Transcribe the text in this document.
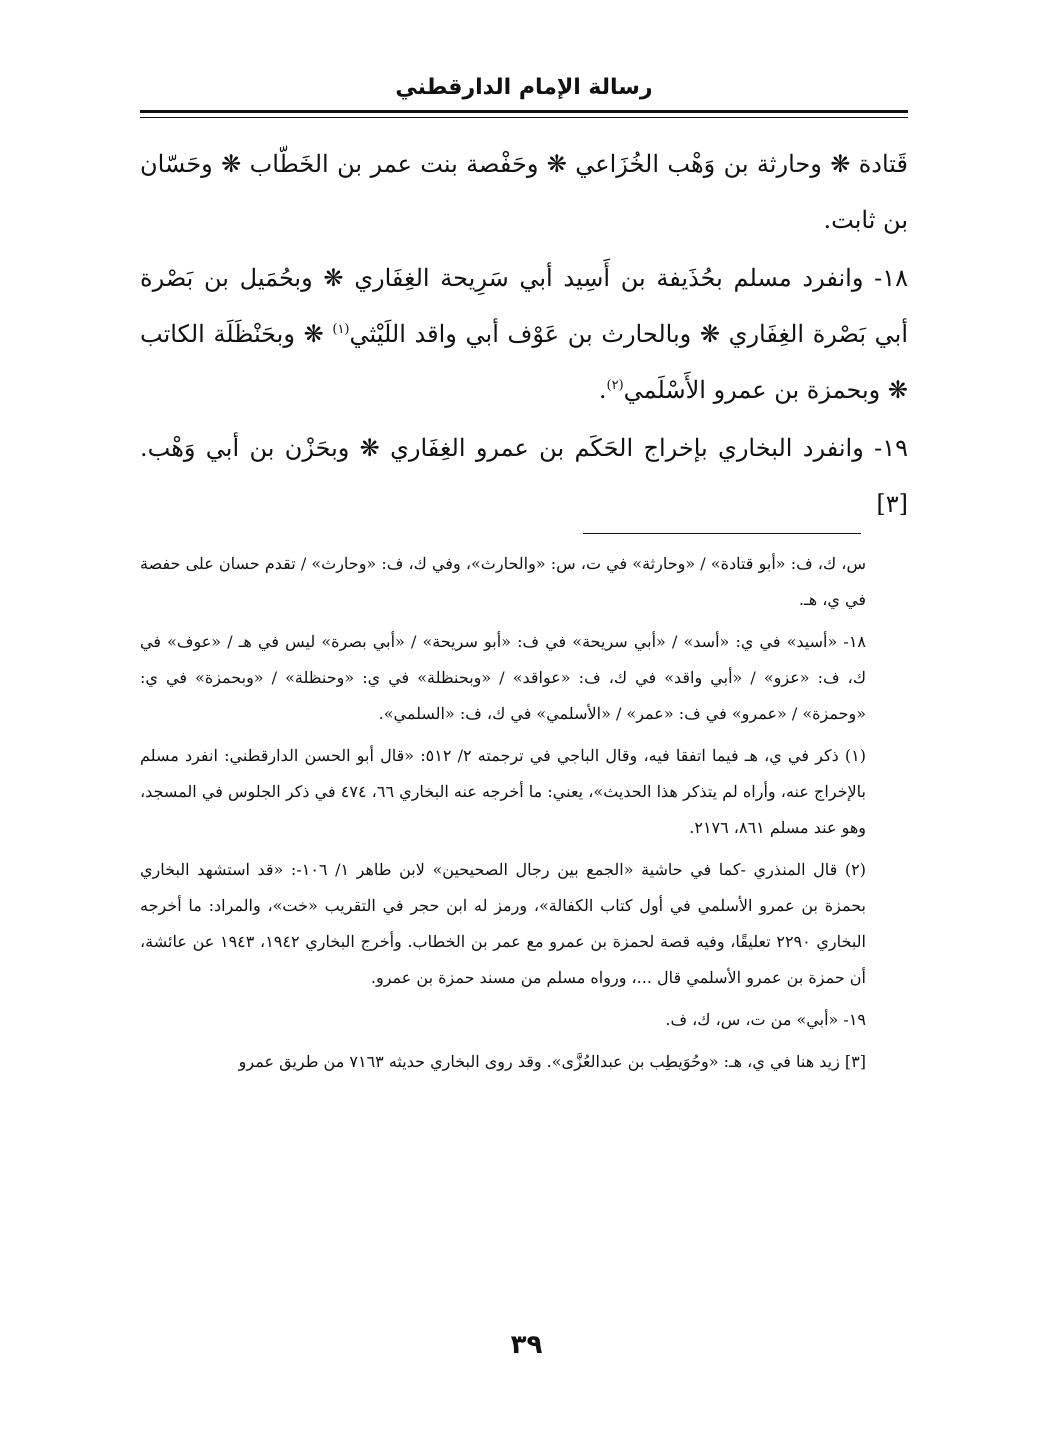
رسالة الإمام الدارقطني

قَتادة ❋ وحارثة بن وَهْب الخُزَاعي ❋ وحَفْصة بنت عمر بن الخَطّاب ❋ وحَسّان بن ثابت.

١٨- وانفرد مسلم بحُذَيفة بن أَسِيد أبي سَرِيحة الغِفَاري ❋ وبحُمَيل بن بَصْرة أبي بَصْرة الغِفَاري ❋ وبالحارث بن عَوْف أبي واقد اللَيْثي$^{(١)}$ ❋ وبحَنْظَلَة الكاتب ❋ وبحمزة بن عمرو الأَسْلَمي$^{(٢)}$.

١٩- وانفرد البخاري بإخراج الحَكَم بن عمرو الغِفَاري ❋ وبحَزْن بن أبي وَهْب. [٣]

س، ك، ف: «أبو قتادة» / «وحارثة» في ت، س: «والحارث»، وفي ك، ف: «وحارث» / تقدم حسان على حفصة في ي، هـ.

١٨- «أسيد» في ي: «أسد» / «أبي سريحة» في ف: «أبو سريحة» / «أبي بصرة» ليس في هـ / «عوف» في ك، ف: «عزو» / «أبي واقد» في ك، ف: «عواقد» / «وبحنظلة» في ي: «وحنظلة» / «وبحمزة» في ي: «وحمزة» / «عمرو» في ف: «عمر» / «الأسلمي» في ك، ف: «السلمي».

(١) ذكر في ي، هـ فيما اتفقا فيه، وقال الباجي في ترجمته ٢/ ٥١٢: «قال أبو الحسن الدارقطني: انفرد مسلم بالإخراج عنه، وأراه لم يتذكر هذا الحديث»، يعني: ما أخرجه عنه البخاري ٦٦، ٤٧٤ في ذكر الجلوس في المسجد، وهو عند مسلم ٨٦١، ٢١٧٦.

(٢) قال المنذري -كما في حاشية «الجمع بين رجال الصحيحين» لابن طاهر ١/ ١٠٦-: «قد استشهد البخاري بحمزة بن عمرو الأسلمي في أول كتاب الكفالة»، ورمز له ابن حجر في التقريب «خت»، والمراد: ما أخرجه البخاري ٢٢٩٠ تعليقًا، وفيه قصة لحمزة بن عمرو مع عمر بن الخطاب. وأخرج البخاري ١٩٤٢، ١٩٤٣ عن عائشة، أن حمزة بن عمرو الأسلمي قال ...، ورواه مسلم من مسند حمزة بن عمرو.

١٩- «أبي» من ت، س، ك، ف.

[٣] زيد هنا في ي، هـ: «وحُوَيطِب بن عبدالعُزَّى». وقد روى البخاري حديثه ٧١٦٣ من طريق عمرو

٣٩
